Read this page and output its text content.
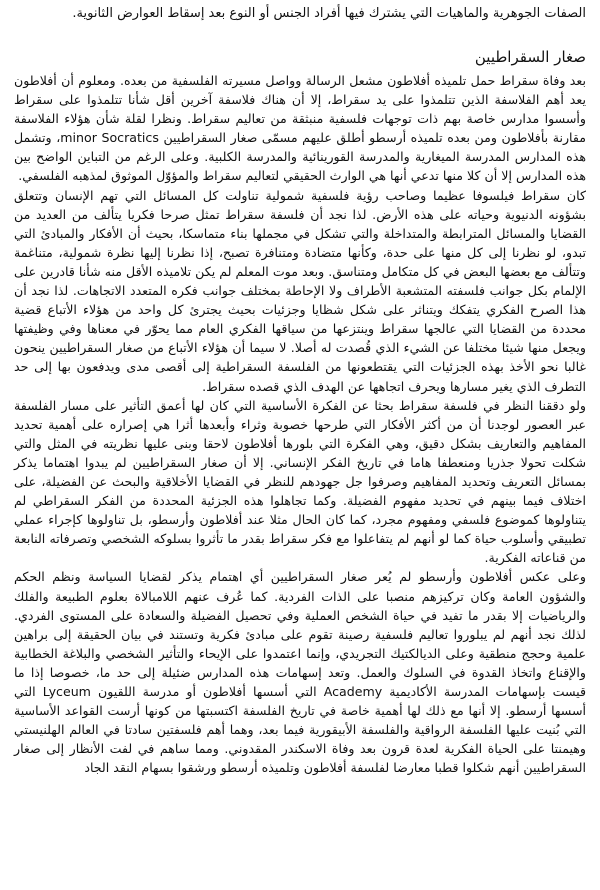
الصفات الجوهرية والماهيات التي يشترك فيها أفراد الجنس أو النوع بعد إسقاط العوارض الثانوية.

صغار السقراطيين

بعد وفاة سقراط حمل تلميذه أفلاطون مشعل الرسالة وواصل مسيرته الفلسفية من بعده. ومعلوم أن أفلاطون يعد أهم الفلاسفة الذين تتلمذوا على يد سقراط، إلا أن هناك فلاسفة آخرين أقل شأنا تتلمذوا على سقراط وأسسوا مدارس خاصة بهم ذات توجهات فلسفية منبثقة من تعاليم سقراط. ونظرا لقلة شأن هؤلاء الفلاسفة مقارنة بأفلاطون ومن بعده تلميذه أرسطو أطلق عليهم مسمّى صغار السقراطيين minor Socratics، وتشمل هذه المدارس المدرسة الميغارية والمدرسة القورينائية والمدرسة الكلبية. وعلى الرغم من التباين الواضح بين هذه المدارس إلا أن كلا منها تدعي أنها هي الوارث الحقيقي لتعاليم سقراط والمؤوّل الموثوق لمذهبه الفلسفي.

كان سقراط فيلسوفا عظيما وصاحب رؤية فلسفية شمولية تناولت كل المسائل التي تهم الإنسان وتتعلق بشؤونه الدنيوية وحياته على هذه الأرض. لذا نجد أن فلسفة سقراط تمثل صرحا فكريا يتألف من العديد من القضايا والمسائل المترابطة والمتداخلة والتي تشكل في مجملها بناء متماسكا، بحيث أن الأفكار والمبادئ التي تبدو، لو نظرنا إلى كل منها على حدة، وكأنها متضادة ومتنافرة تصبح، إذا نظرنا إليها نظرة شمولية، متناغمة وتتألف مع بعضها البعض في كل متكامل ومتناسق. وبعد موت المعلم لم يكن تلاميذه الأقل منه شأنا قادرين على الإلمام بكل جوانب فلسفته المتشعبة الأطراف ولا الإحاطة بمختلف جوانب فكره المتعدد الاتجاهات. لذا نجد أن هذا الصرح الفكري يتفكك ويتناثر على شكل شظايا وجزئيات بحيث يجترئ كل واحد من هؤلاء الأتباع قضية محددة من القضايا التي عالجها سقراط وينتزعها من سياقها الفكري العام مما يحوّر في معناها وفي وظيفتها ويجعل منها شيئا مختلفا عن الشيء الذي قُصدت له أصلا. لا سيما أن هؤلاء الأتباع من صغار السقراطيين ينحون غالبا نحو الأخذ بهذه الجزئيات التي يقتطعونها من الفلسفة السقراطية إلى أقصى مدى ويدفعون بها إلى حد التطرف الذي يغير مسارها ويحرف اتجاهها عن الهدف الذي قصده سقراط.

ولو دققنا النظر في فلسفة سقراط بحثا عن الفكرة الأساسية التي كان لها أعمق التأثير على مسار الفلسفة عبر العصور لوجدنا أن من أكثر الأفكار التي طرحها خصوبة وثراء وأبعدها أثرا هي إصراره على أهمية تحديد المفاهيم والتعاريف بشكل دقيق، وهي الفكرة التي بلورها أفلاطون لاحقا وبنى عليها نظريته في المثل والتي شكلت تحولا جذريا ومنعطفا هاما في تاريخ الفكر الإنساني. إلا أن صغار السقراطيين لم يبدوا اهتماما يذكر بمسائل التعريف وتحديد المفاهيم وصرفوا جل جهودهم للنظر في القضايا الأخلاقية والبحث عن الفضيلة، على اختلاف فيما بينهم في تحديد مفهوم الفضيلة. وكما تجاهلوا هذه الجزئية المحددة من الفكر السقراطي لم يتناولوها كموضوع فلسفي ومفهوم مجرد، كما كان الحال مثلا عند أفلاطون وأرسطو، بل تناولوها كإجراء عملي تطبيقي وأسلوب حياة كما لو أنهم لم يتفاعلوا مع فكر سقراط بقدر ما تأثروا بسلوكه الشخصي وتصرفاته النابعة من قناعاته الفكرية.

وعلى عكس أفلاطون وأرسطو لم يُعر صغار السقراطيين أي اهتمام يذكر لقضايا السياسة ونظم الحكم والشؤون العامة وكان تركيزهم منصبا على الذات الفردية. كما عُرف عنهم اللامبالاة بعلوم الطبيعة والفلك والرياضيات إلا بقدر ما تفيد في حياة الشخص العملية وفي تحصيل الفضيلة والسعادة على المستوى الفردي. لذلك نجد أنهم لم يبلوروا تعاليم فلسفية رصينة تقوم على مبادئ فكرية وتستند في بيان الحقيقة إلى براهين علمية وحجج منطقية وعلى الديالكتيك التجريدي، وإنما اعتمدوا على الإيحاء والتأثير الشخصي والبلاغة الخطابية والإقناع واتخاذ القدوة في السلوك والعمل. وتعد إسهامات هذه المدارس ضئيلة إلى حد ما، خصوصا إذا ما قيست بإسهامات المدرسة الأكاديمية Academy التي أسسها أفلاطون أو مدرسة اللقيون Lyceum التي أسسها أرسطو. إلا أنها مع ذلك لها أهمية خاصة في تاريخ الفلسفة اكتسبتها من كونها أرست القواعد الأساسية التي بُنيت عليها الفلسفة الرواقية والفلسفة الأبيقورية فيما بعد، وهما أهم فلسفتين سادتا في العالم الهلنيستي وهيمنتا على الحياة الفكرية لعدة قرون بعد وفاة الاسكندر المقدوني. ومما ساهم في لفت الأنظار إلى صغار السقراطيين أنهم شكلوا قطبا معارضا لفلسفة أفلاطون وتلميذه أرسطو ورشقوا بسهام النقد الجاد
